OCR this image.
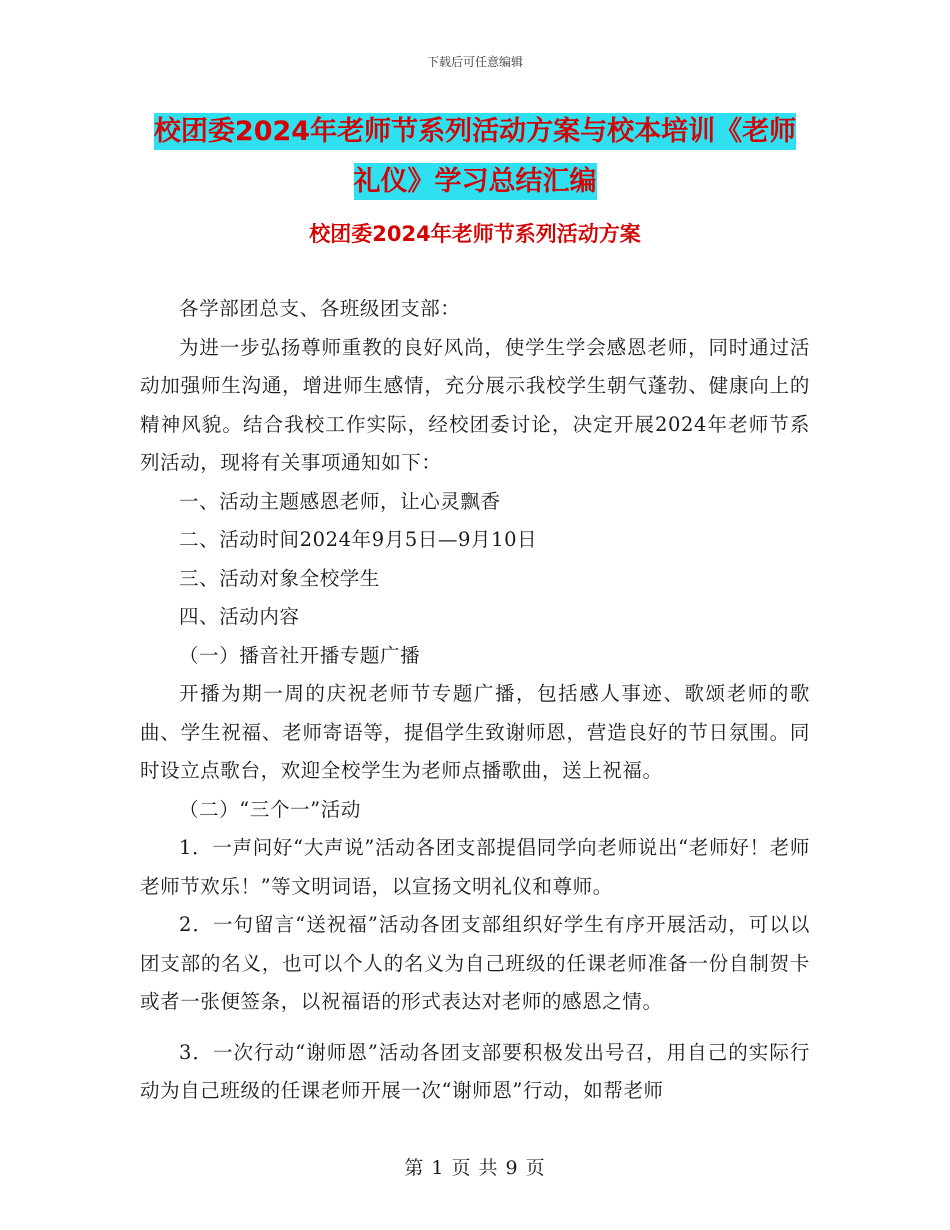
下载后可任意编辑
校团委2024年老师节系列活动方案与校本培训《老师
礼仪》学习总结汇编
校团委2024年老师节系列活动方案

各学部团总支、各班级团支部：

为进一步弘扬尊师重教的良好风尚，使学生学会感恩老师，同时通过活动加强师生沟通，增进师生感情，充分展示我校学生朝气蓬勃、健康向上的精神风貌。结合我校工作实际，经校团委讨论，决定开展2024年老师节系列活动，现将有关事项通知如下：

一、活动主题感恩老师，让心灵飘香

二、活动时间2024年9月5日—9月10日

三、活动对象全校学生

四、活动内容

（一）播音社开播专题广播

开播为期一周的庆祝老师节专题广播，包括感人事迹、歌颂老师的歌曲、学生祝福、老师寄语等，提倡学生致谢师恩，营造良好的节日氛围。同时设立点歌台，欢迎全校学生为老师点播歌曲，送上祝福。

（二）“三个一”活动

1．一声问好“大声说”活动各团支部提倡同学向老师说出“老师好！老师老师节欢乐！”等文明词语，以宣扬文明礼仪和尊师。

2．一句留言“送祝福”活动各团支部组织好学生有序开展活动，可以以团支部的名义，也可以个人的名义为自己班级的任课老师准备一份自制贺卡或者一张便签条，以祝福语的形式表达对老师的感恩之情。

3．一次行动“谢师恩”活动各团支部要积极发出号召，用自己的实际行动为自己班级的任课老师开展一次“谢师恩”行动，如帮老师

第 1 页 共 9 页
